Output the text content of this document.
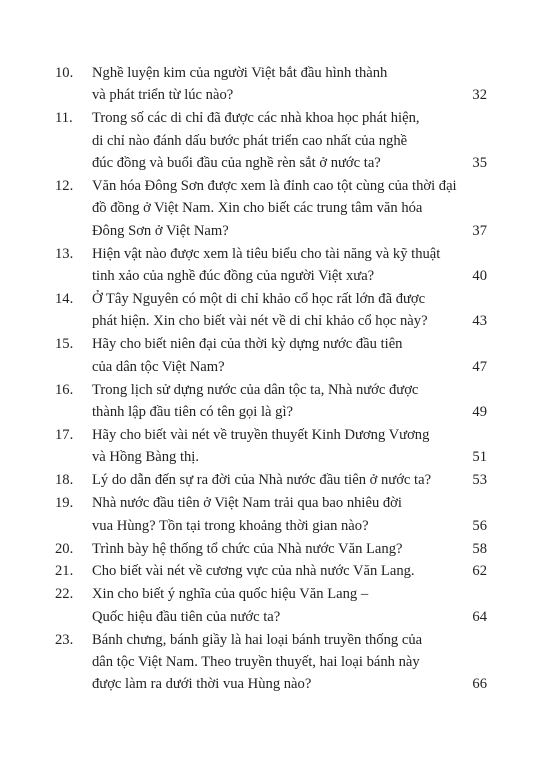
10.	Nghề luyện kim của người Việt bắt đầu hình thành
và phát triển từ lúc nào?	32
11.	Trong số các di chỉ đã được các nhà khoa học phát hiện,
di chỉ nào đánh dấu bước phát triển cao nhất của nghề
đúc đồng và buổi đầu của nghề rèn sắt ở nước ta?	35
12.	Văn hóa Đông Sơn được xem là đỉnh cao tột cùng của thời đại
đồ đồng ở Việt Nam. Xin cho biết các trung tâm văn hóa
Đông Sơn ở Việt Nam?	37
13.	Hiện vật nào được xem là tiêu biểu cho tài năng và kỹ thuật
tinh xảo của nghề đúc đồng của người Việt xưa?	40
14.	Ở Tây Nguyên có một di chỉ khảo cổ học rất lớn đã được
phát hiện. Xin cho biết vài nét về di chỉ khảo cổ học này?	43
15.	Hãy cho biết niên đại của thời kỳ dựng nước đầu tiên
của dân tộc Việt Nam?	47
16.	Trong lịch sử dựng nước của dân tộc ta, Nhà nước được
thành lập đầu tiên có tên gọi là gì?	49
17.	Hãy cho biết vài nét về truyền thuyết Kinh Dương Vương
và Hồng Bàng thị.	51
18.	Lý do dẫn đến sự ra đời của Nhà nước đầu tiên ở nước ta?	53
19.	Nhà nước đầu tiên ở Việt Nam trải qua bao nhiêu đời
vua Hùng? Tồn tại trong khoảng thời gian nào?	56
20.	Trình bày hệ thống tổ chức của Nhà nước Văn Lang?	58
21.	Cho biết vài nét về cương vực của nhà nước Văn Lang.	62
22.	Xin cho biết ý nghĩa của quốc hiệu Văn Lang –
Quốc hiệu đầu tiên của nước ta?	64
23.	Bánh chưng, bánh giầy là hai loại bánh truyền thống của
dân tộc Việt Nam. Theo truyền thuyết, hai loại bánh này
được làm ra dưới thời vua Hùng nào?	66
